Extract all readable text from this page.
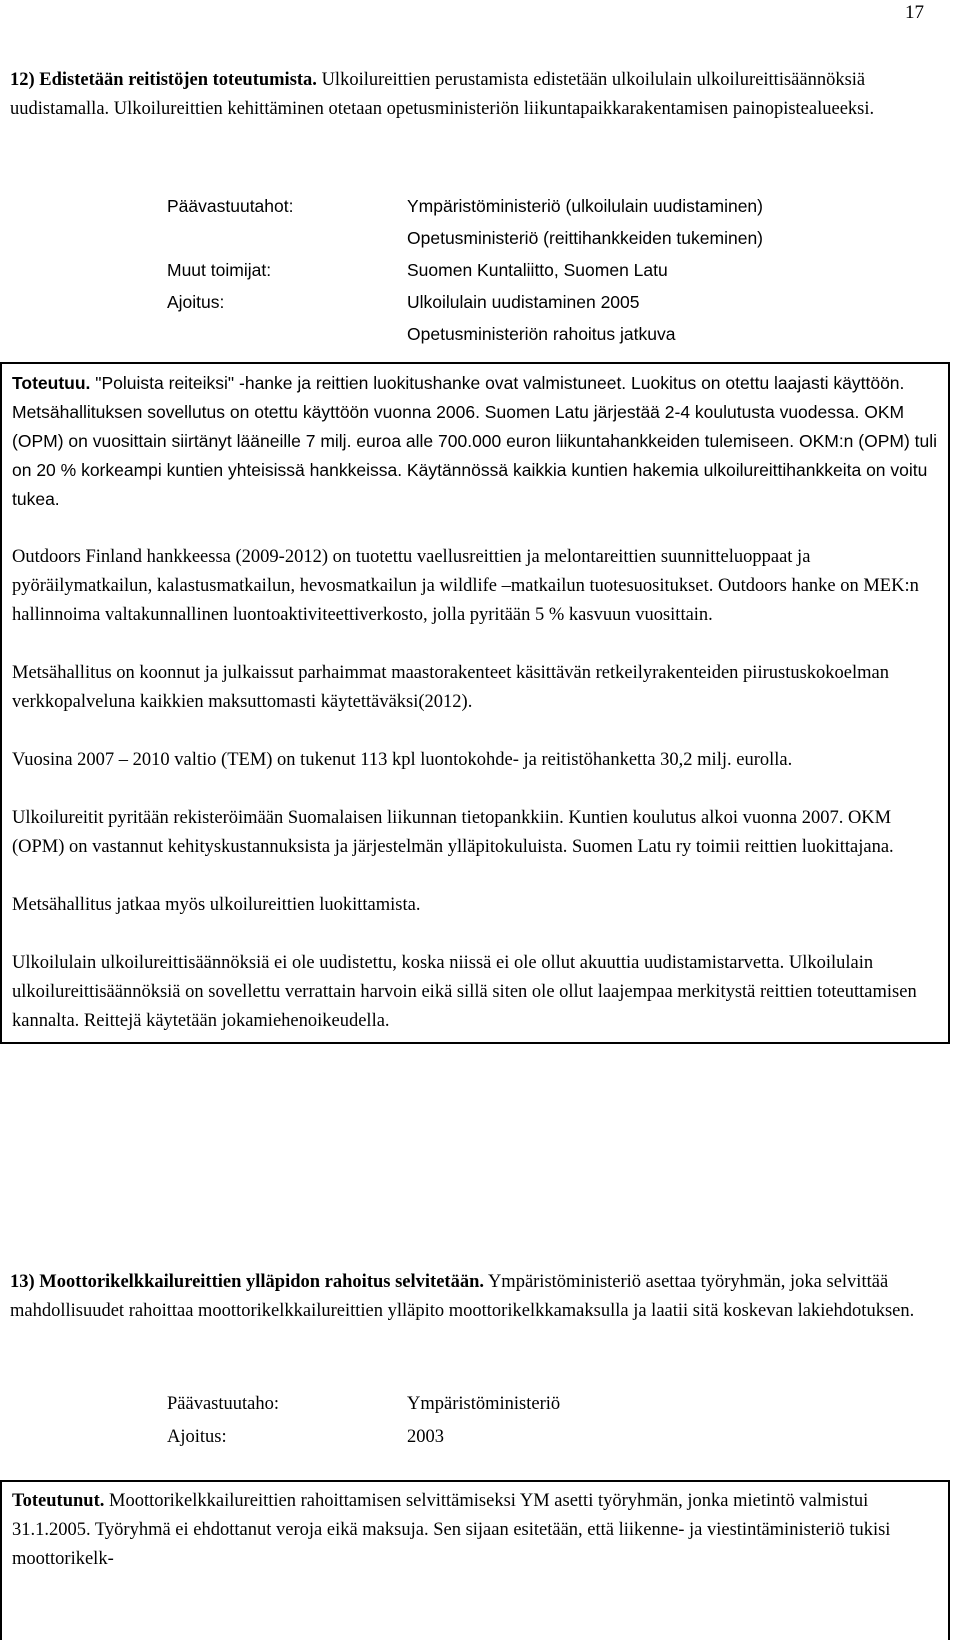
17

12) Edistetään reitistöjen toteutumista. Ulkoilureittien perustamista edistetään ulkoilulain ulkoilureittisäännöksiä uudistamalla. Ulkoilureittien kehittäminen otetaan opetusministeriön liikuntapaikkarakentamisen painopistealueeksi.

Päävastuutahot:	Ympäristöministeriö (ulkoilulain uudistaminen)
Opetusministeriö (reittihankkeiden tukeminen)
Muut toimijat:	Suomen Kuntaliitto, Suomen Latu
Ajoitus:	Ulkoilulain uudistaminen 2005
Opetusministeriön rahoitus jatkuva

Toteutuu. "Poluista reiteiksi" -hanke ja reittien luokitushanke ovat valmistuneet. Luokitus on otettu laajasti käyttöön. Metsähallituksen sovellutus on otettu käyttöön vuonna 2006. Suomen Latu järjestää 2-4 koulutusta vuodessa. OKM (OPM) on vuosittain siirtänyt lääneille 7 milj. euroa alle 700.000 euron liikuntahankkeiden tulemiseen. OKM:n (OPM) tuli on 20 % korkeampi kuntien yhteisissä hankkeissa. Käytännössä kaikkia kuntien hakemia ulkoilureittihankkeita on voitu tukea.

Outdoors Finland hankkeessa (2009-2012) on tuotettu vaellusreittien ja melontareittien suunnitteluoppaat ja pyöräilymatkailun, kalastusmatkailun, hevosmatkailun ja wildlife –matkailun tuotesuositukset. Outdoors hanke on MEK:n hallinnoima valtakunnallinen luontoaktiviteettiverkosto, jolla pyritään 5 % kasvuun vuosittain.

Metsähallitus on koonnut ja julkaissut parhaimmat maastorakenteet käsittävän retkeilyrakenteiden piirustuskokoelman verkkopalveluna kaikkien maksuttomasti käytettäväksi(2012).

Vuosina 2007 – 2010 valtio (TEM) on tukenut 113 kpl luontokohde- ja reitistöhanketta 30,2 milj. eurolla.

Ulkoilureitit pyritään rekisteröimään Suomalaisen liikunnan tietopankkiin. Kuntien koulutus alkoi vuonna 2007. OKM (OPM) on vastannut kehityskustannuksista ja järjestelmän ylläpitokuluista. Suomen Latu ry toimii reittien luokittajana.

Metsähallitus jatkaa myös ulkoilureittien luokittamista.

Ulkoilulain ulkoilureittisäännöksiä ei ole uudistettu, koska niissä ei ole ollut akuuttia uudistamistarvetta. Ulkoilulain ulkoilureittisäännöksiä on sovellettu verrattain harvoin eikä sillä siten ole ollut laajempaa merkitystä reittien toteuttamisen kannalta. Reittejä käytetään jokamiehenoikeudella.

13) Moottorikelkkailureittien ylläpidon rahoitus selvitetään. Ympäristöministeriö asettaa työryhmän, joka selvittää mahdollisuudet rahoittaa moottorikelkkailureittien ylläpito moottorikelkkamaksulla ja laatii sitä koskevan lakiehdotuksen.

Päävastuutaho:	Ympäristöministeriö
Ajoitus:	2003

Toteutunut. Moottorikelkkailureittien rahoittamisen selvittämiseksi YM asetti työryhmän, jonka mietintö valmistui 31.1.2005. Työryhmä ei ehdottanut veroja eikä maksuja. Sen sijaan esitetään, että liikenne- ja viestintäministeriö tukisi moottorikelk-
